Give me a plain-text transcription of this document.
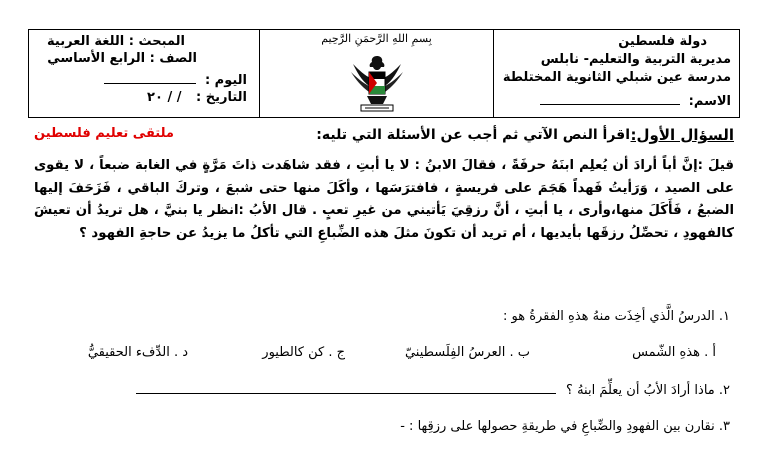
دولة فلسطين
مديرية التربية والتعليم- نابلس
مدرسة عين شبلي الثانوية المختلطة
الاسم:
بِسمِ اللهِ الرَّحمَنِ الرَّحِيم
المبحث : اللغة العربية
الصف : الرابع الأساسي
اليوم :
التاريخ : / / ٢٠
السؤال الأول:
اقرأ النص الآتي ثم أجب عن الأسئلة التي تليه:
ملتقى تعليم فلسطين
قيلَ :إنَّ أباً أرادَ أن يُعلِم ابنَهُ حرفَةً ، فقالَ الابنُ : لا يا أبتِ ، فقد شاهَدت ذاتَ مَرَّةٍ في الغابة ضبعاً ، لا يقوى على الصيد ، وَرَأيتُ فَهداً هَجَمَ على فريسةٍ ، فافترَسَها ، وأكَلَ منها حتى شبعَ ، وتركَ الباقي ، فَزَحَفَ إليها الضبعُ ، فَأَكَلَ منها،وأرى ، يا أبتِ ، أنَّ رزقِيَ يَأتيني من غيرِ تعبٍ . قال الأبُ :انظر يا بنيَّ ، هل تريدُ أن تعيشَ كالفهودِ ، تحصِّلُ رزقَها بأيديها ، أم تريد أن تكونَ مثلَ هذه الضِّباعِ التي تأكلُ ما يزيدُ عن حاجةِ الفهود ؟
١. الدرسُ الَّذي أخِذَت منهُ هذهِ الفقرةُ هو :
أ . هذهِ الشّمس
ب . العرسُ الفِلَسطينيّ
ج . كن كالطيور
د . الدِّفء الحقيقيُّ
٢. ماذا أرادَ الأبُ أن يعلِّمَ ابنهُ ؟
٣. نقارن بين الفهودِ والضِّباعِ في طريقةِ حصولها على رزقِها : -
